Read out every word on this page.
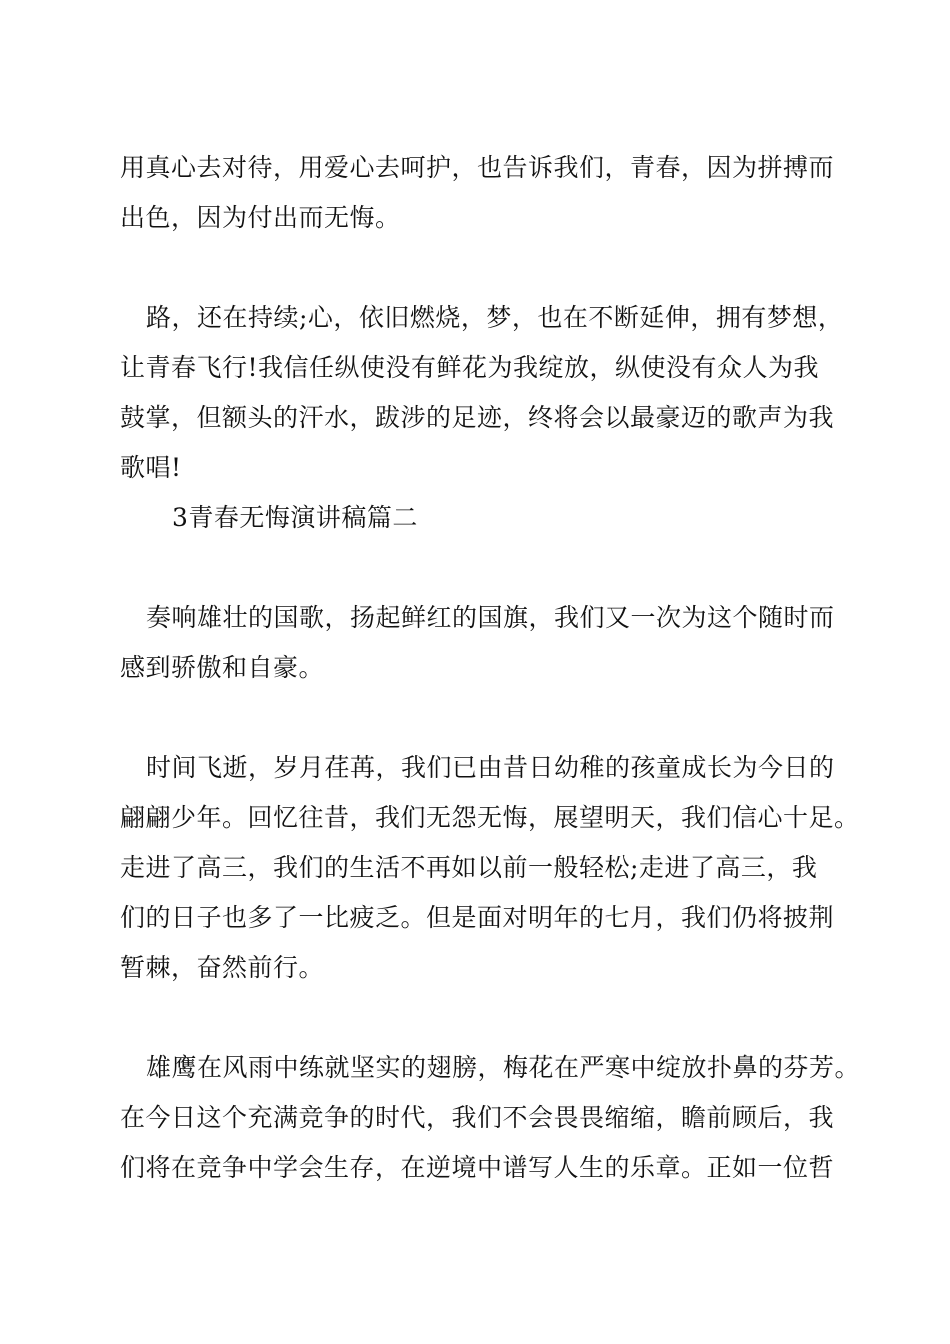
用真心去对待，用爱心去呵护，也告诉我们，青春，因为拼搏而
出色，因为付出而无悔。
路，还在持续;心，依旧燃烧，梦，也在不断延伸，拥有梦想，
让青春飞行!我信任纵使没有鲜花为我绽放，纵使没有众人为我
鼓掌，但额头的汗水，跋涉的足迹，终将会以最豪迈的歌声为我
歌唱!
3青春无悔演讲稿篇二
奏响雄壮的国歌，扬起鲜红的国旗，我们又一次为这个随时而
感到骄傲和自豪。
时间飞逝，岁月荏苒，我们已由昔日幼稚的孩童成长为今日的
翩翩少年。回忆往昔，我们无怨无悔，展望明天，我们信心十足。
走进了高三，我们的生活不再如以前一般轻松;走进了高三，我
们的日子也多了一比疲乏。但是面对明年的七月，我们仍将披荆
暂棘，奋然前行。
雄鹰在风雨中练就坚实的翅膀，梅花在严寒中绽放扑鼻的芬芳。
在今日这个充满竞争的时代，我们不会畏畏缩缩，瞻前顾后，我
们将在竞争中学会生存，在逆境中谱写人生的乐章。正如一位哲
